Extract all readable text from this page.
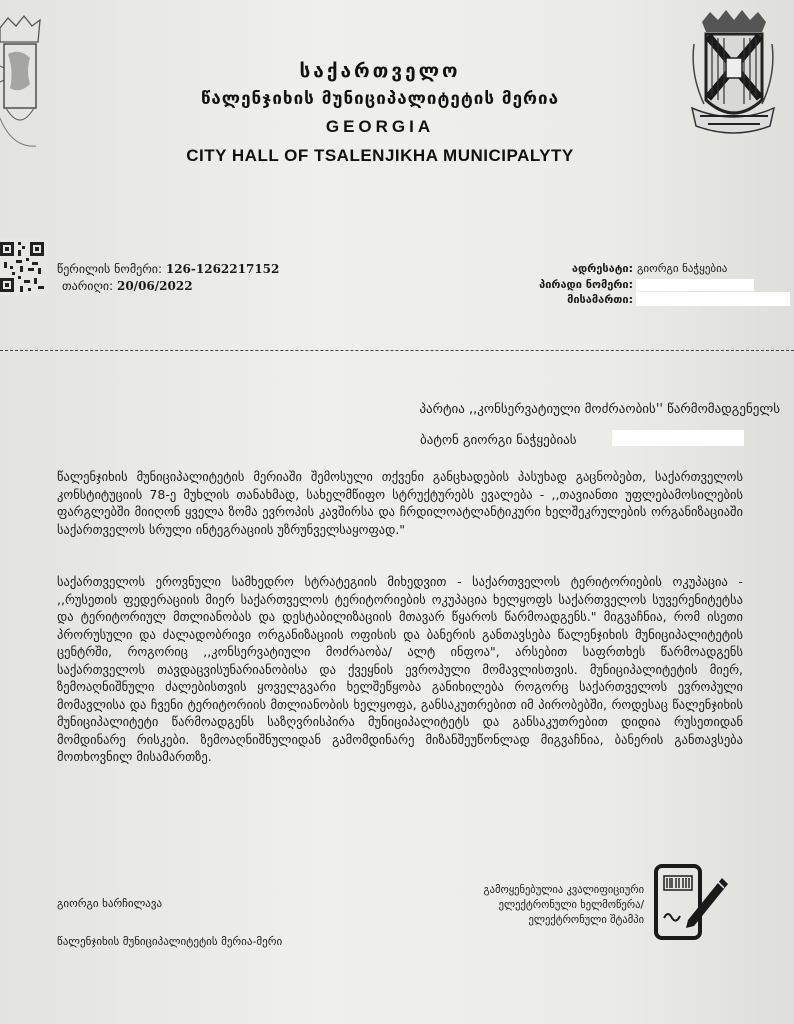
საქართველო
წალენჯიხის მუნიციპალიტეტის მერია
GEORGIA
CITY HALL OF TSALENJIKHA MUNICIPALYTY
წერილის ნომერი: 126-1262217152
თარიღი: 20/06/2022
ადრესატი: გიორგი ნაჭყებია
პირადი ნომერი:
მისამართი:
პარტია ,,კონსერვატიული მოძრაობის'' წარმომადგენელს
ბატონ გიორგი ნაჭყებიას
წალენჯიხის მუნიციპალიტეტის მერიაში შემოსული თქვენი განცხადების პასუხად გაცნობებთ, საქართველოს კონსტიტუციის 78-ე მუხლის თანახმად, სახელმწიფო სტრუქტურებს ევალება - ,,თავიანთი უფლებამოსილების ფარგლებში მიიღონ ყველა ზომა ევროპის კავშირსა და ჩრდილოატლანტიკური ხელშეკრულების ორგანიზაციაში საქართველოს სრული ინტეგრაციის უზრუნველსაყოფად."
საქართველოს ეროვნული სამხედრო სტრატეგიის მიხედვით - საქართველოს ტერიტორიების ოკუპაცია - ,,რუსეთის ფედერაციის მიერ საქართველოს ტერიტორიების ოკუპაცია ხელყოფს საქართველოს სუვერენიტეტსა და ტერიტორიულ მთლიანობას და დესტაბილიზაციის მთავარ წყაროს წარმოადგენს." მიგვაჩნია, რომ ისეთი პრორუსული და ძალადობრივი ორგანიზაციის ოფისის და ბანერის განთავსება წალენჯიხის მუნიციპალიტეტის ცენტრში, როგორიც ,,კონსერვატიული მოძრაობა/ ალტ ინფოა", არსებით საფრთხეს წარმოადგენს საქართველოს თავდაცვისუნარიანობისა და ქვეყნის ევროპული მომავლისთვის. მუნიციპალიტეტის მიერ, ზემოაღნიშნული ძალებისთვის ყოველგვარი ხელშეწყობა განიხილება როგორც საქართველოს ევროპული მომავლისა და ჩვენი ტერიტორიის მთლიანობის ხელყოფა, განსაკუთრებით იმ პირობებში, როდესაც წალენჯიხის მუნიციპალიტეტი წარმოადგენს საზღვრისპირა მუნიციპალიტეტს და განსაკუთრებით დიდია რუსეთიდან მომდინარე რისკები. ზემოაღნიშნულიდან გამომდინარე მიზანშეუწონლად მიგვაჩნია, ბანერის განთავსება მოთხოვნილ მისამართზე.
გიორგი ხარჩილავა
წალენჯიხის მუნიციპალიტეტის მერია-მერი
გამოყენებულია კვალიფიციური
ელექტრონული ხელმოწერა/
ელექტრონული შტამპი
